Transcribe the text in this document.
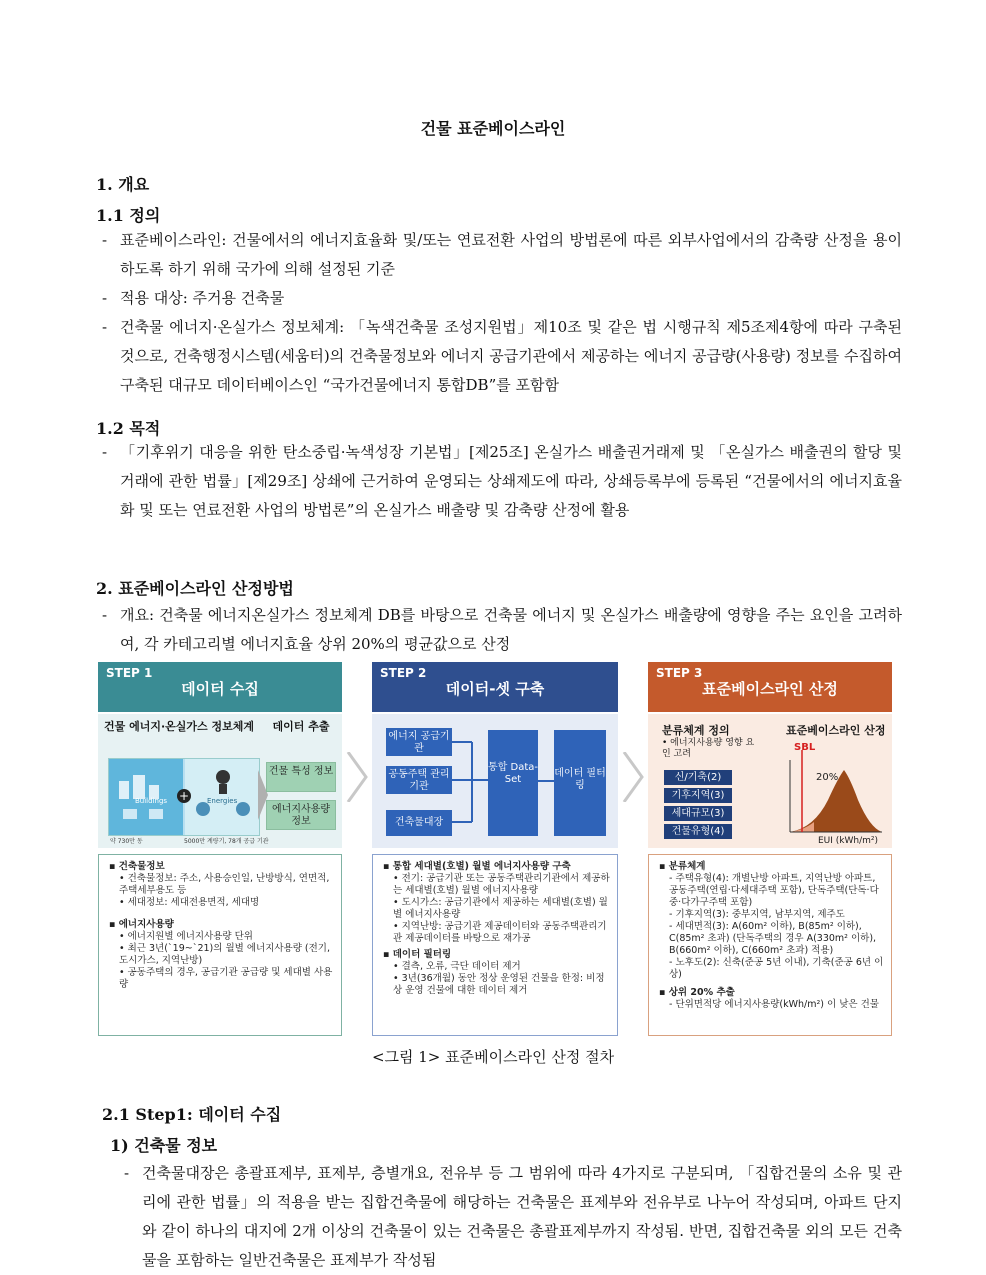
건물 표준베이스라인
1. 개요
1.1 정의
- 표준베이스라인: 건물에서의 에너지효율화 및/또는 연료전환 사업의 방법론에 따른 외부사업에서의 감축량 산정을 용이하도록 하기 위해 국가에 의해 설정된 기준
- 적용 대상: 주거용 건축물
- 건축물 에너지·온실가스 정보체계: 「녹색건축물 조성지원법」제10조 및 같은 법 시행규칙 제5조제4항에 따라 구축된 것으로, 건축행정시스템(세움터)의 건축물정보와 에너지 공급기관에서 제공하는 에너지 공급량(사용량) 정보를 수집하여 구축된 대규모 데이터베이스인 “국가건물에너지 통합DB”를 포함함
1.2 목적
- 「기후위기 대응을 위한 탄소중립·녹색성장 기본법」[제25조] 온실가스 배출권거래제 및 「온실가스 배출권의 할당 및 거래에 관한 법률」[제29조] 상쇄에 근거하여 운영되는 상쇄제도에 따라, 상쇄등록부에 등록된 “건물에서의 에너지효율화 및 또는 연료전환 사업의 방법론”의 온실가스 배출량 및 감축량 산정에 활용
2. 표준베이스라인 산정방법
- 개요: 건축물 에너지온실가스 정보체계 DB를 바탕으로 건축물 에너지 및 온실가스 배출량에 영향을 주는 요인을 고려하여, 각 카테고리별 에너지효율 상위 20%의 평균값으로 산정
STEP 1
데이터 수집
건물 에너지·온실가스 정보체계	데이터 추출
Buildings	Energies
+
약 730만 동	5000만 계량기, 78개 공급 기관
건물 특성 정보
에너지사용량 정보
▪ 건축물정보
• 건축물정보: 주소, 사용승인일, 난방방식, 연면적, 주택세부용도 등
• 세대정보: 세대전용면적, 세대명
▪ 에너지사용량
• 에너지원별 에너지사용량 단위
• 최근 3년(`19~`21)의 월별 에너지사용량 (전기, 도시가스, 지역난방)
• 공동주택의 경우, 공급기관 공급량 및 세대별 사용량
STEP 2
데이터-셋 구축
에너지 공급기관
공동주택 관리기관
건축물대장
통합 Data-Set
데이터 필터링
▪ 통합 세대별(호별) 월별 에너지사용량 구축
• 전기: 공급기관 또는 공동주택관리기관에서 제공하는 세대별(호별) 월별 에너지사용량
• 도시가스: 공급기관에서 제공하는 세대별(호별) 월별 에너지사용량
• 지역난방: 공급기관 제공데이터와 공동주택관리기관 제공데이터를 바탕으로 재가공
▪ 데이터 필터링
• 결측, 오류, 극단 데이터 제거
• 3년(36개월) 동안 정상 운영된 건물을 한정: 비정상 운영 건물에 대한 데이터 제거
STEP 3
표준베이스라인 산정
분류체계 정의
• 에너지사용량 영향 요인 고려
표준베이스라인 산정
신/기축(2)
기후지역(3)
세대규모(3)
건물유형(4)
SBL
20%
EUI (kWh/m²)
▪ 분류체계
- 주택유형(4): 개별난방 아파트, 지역난방 아파트, 공동주택(연립·다세대주택 포함), 단독주택(단독·다중·다가구주택 포함)
- 기후지역(3): 중부지역, 남부지역, 제주도
- 세대면적(3): A(60m² 이하), B(85m² 이하), C(85m² 초과) (단독주택의 경우 A(330m² 이하), B(660m² 이하), C(660m² 초과) 적용)
- 노후도(2): 신축(준공 5년 이내), 기축(준공 6년 이상)
▪ 상위 20% 추출
- 단위면적당 에너지사용량(kWh/m²) 이 낮은 건물
<그림 1> 표준베이스라인 산정 절차
2.1 Step1: 데이터 수집
1) 건축물 정보
- 건축물대장은 총괄표제부, 표제부, 층별개요, 전유부 등 그 범위에 따라 4가지로 구분되며, 「집합건물의 소유 및 관리에 관한 법률」의 적용을 받는 집합건축물에 해당하는 건축물은 표제부와 전유부로 나누어 작성되며, 아파트 단지와 같이 하나의 대지에 2개 이상의 건축물이 있는 건축물은 총괄표제부까지 작성됨. 반면, 집합건축물 외의 모든 건축물을 포함하는 일반건축물은 표제부가 작성됨
